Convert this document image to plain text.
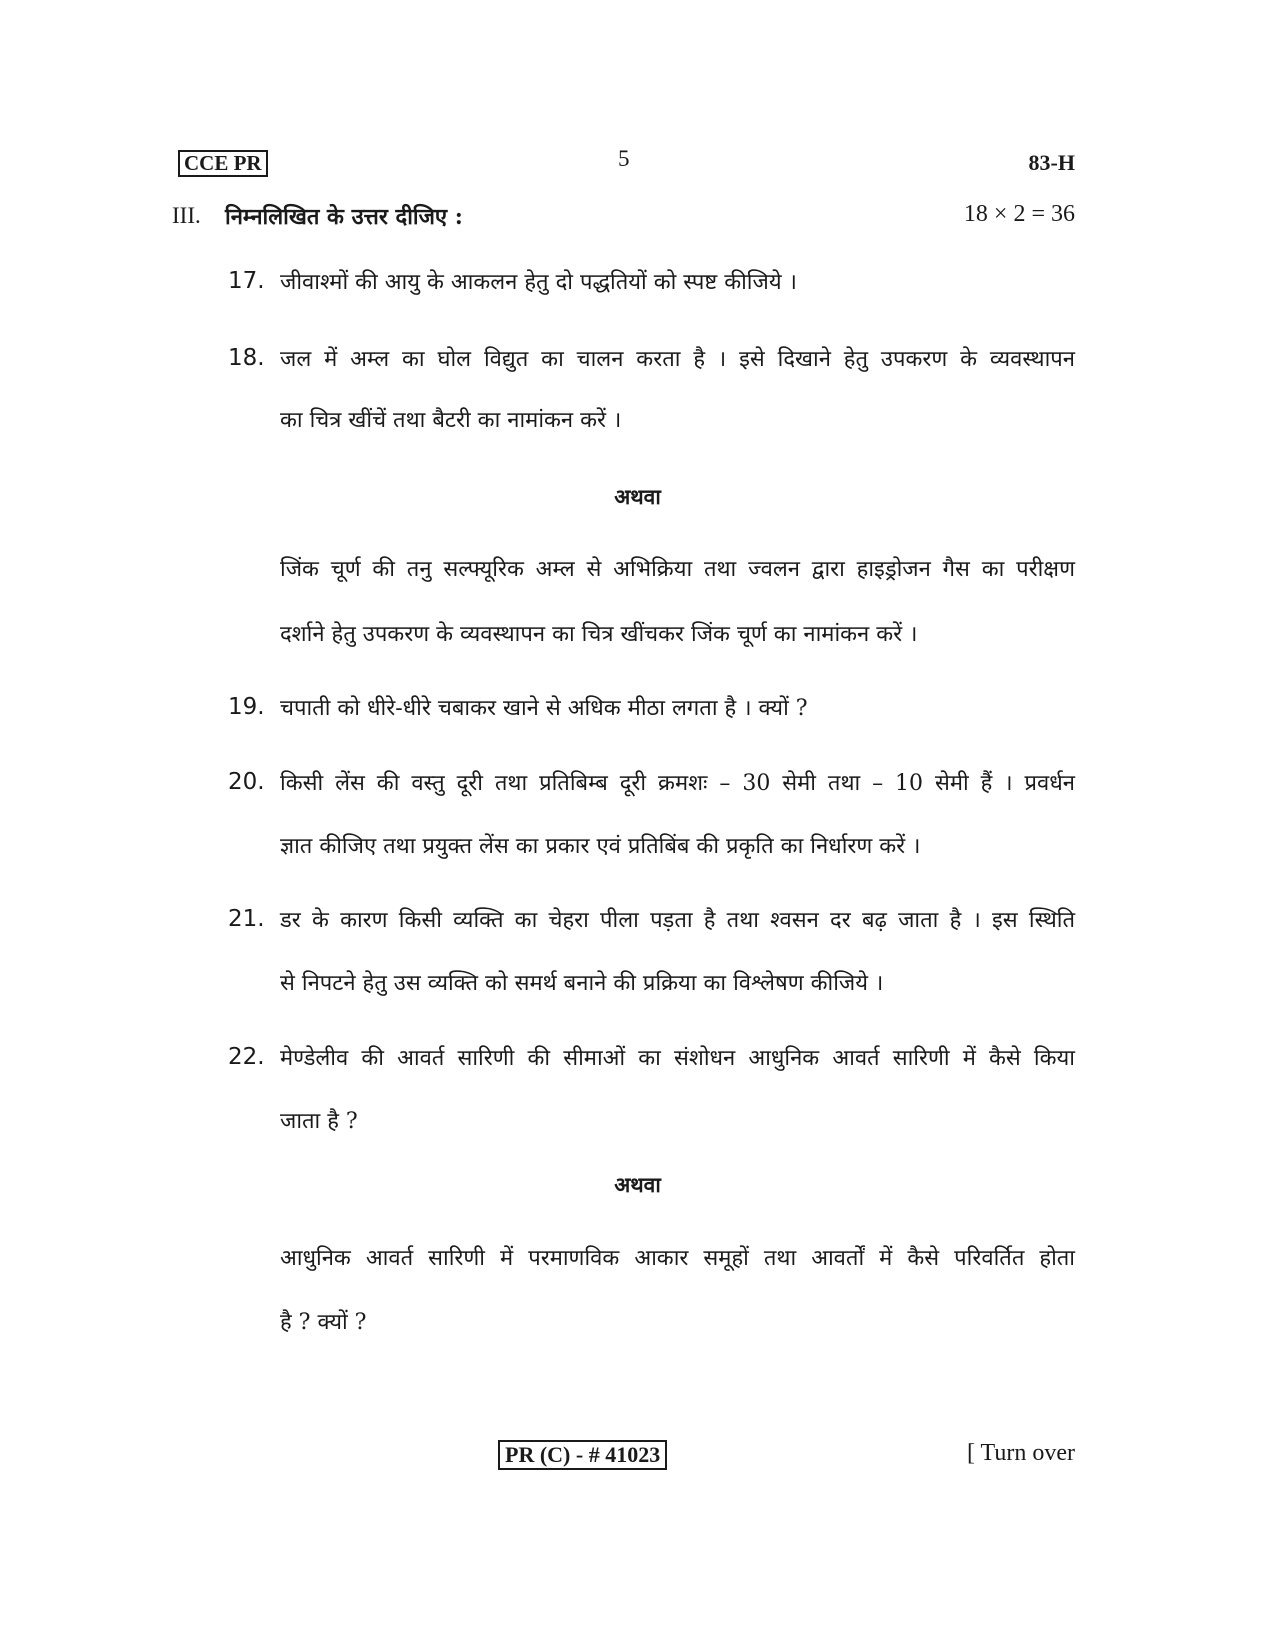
CCE PR	5	83-H
III. निम्नलिखित के उत्तर दीजिए :	18 × 2 = 36
17. जीवाश्मों की आयु के आकलन हेतु दो पद्धतियों को स्पष्ट कीजिये ।
18. जल में अम्ल का घोल विद्युत का चालन करता है । इसे दिखाने हेतु उपकरण के व्यवस्थापन
का चित्र खींचें तथा बैटरी का नामांकन करें ।
अथवा
जिंक चूर्ण की तनु सल्फ्यूरिक अम्ल से अभिक्रिया तथा ज्वलन द्वारा हाइड्रोजन गैस का परीक्षण
दर्शाने हेतु उपकरण के व्यवस्थापन का चित्र खींचकर जिंक चूर्ण का नामांकन करें ।
19. चपाती को धीरे-धीरे चबाकर खाने से अधिक मीठा लगता है । क्यों ?
20. किसी लेंस की वस्तु दूरी तथा प्रतिबिम्ब दूरी क्रमशः – 30 सेमी तथा – 10 सेमी हैं । प्रवर्धन
ज्ञात कीजिए तथा प्रयुक्त लेंस का प्रकार एवं प्रतिबिंब की प्रकृति का निर्धारण करें ।
21. डर के कारण किसी व्यक्ति का चेहरा पीला पड़ता है तथा श्वसन दर बढ़ जाता है । इस स्थिति
से निपटने हेतु उस व्यक्ति को समर्थ बनाने की प्रक्रिया का विश्लेषण कीजिये ।
22. मेण्डेलीव की आवर्त सारिणी की सीमाओं का संशोधन आधुनिक आवर्त सारिणी में कैसे किया
जाता है ?
अथवा
आधुनिक आवर्त सारिणी में परमाणविक आकार समूहों तथा आवर्तों में कैसे परिवर्तित होता
है ? क्यों ?
PR (C) - # 41023	[ Turn over
